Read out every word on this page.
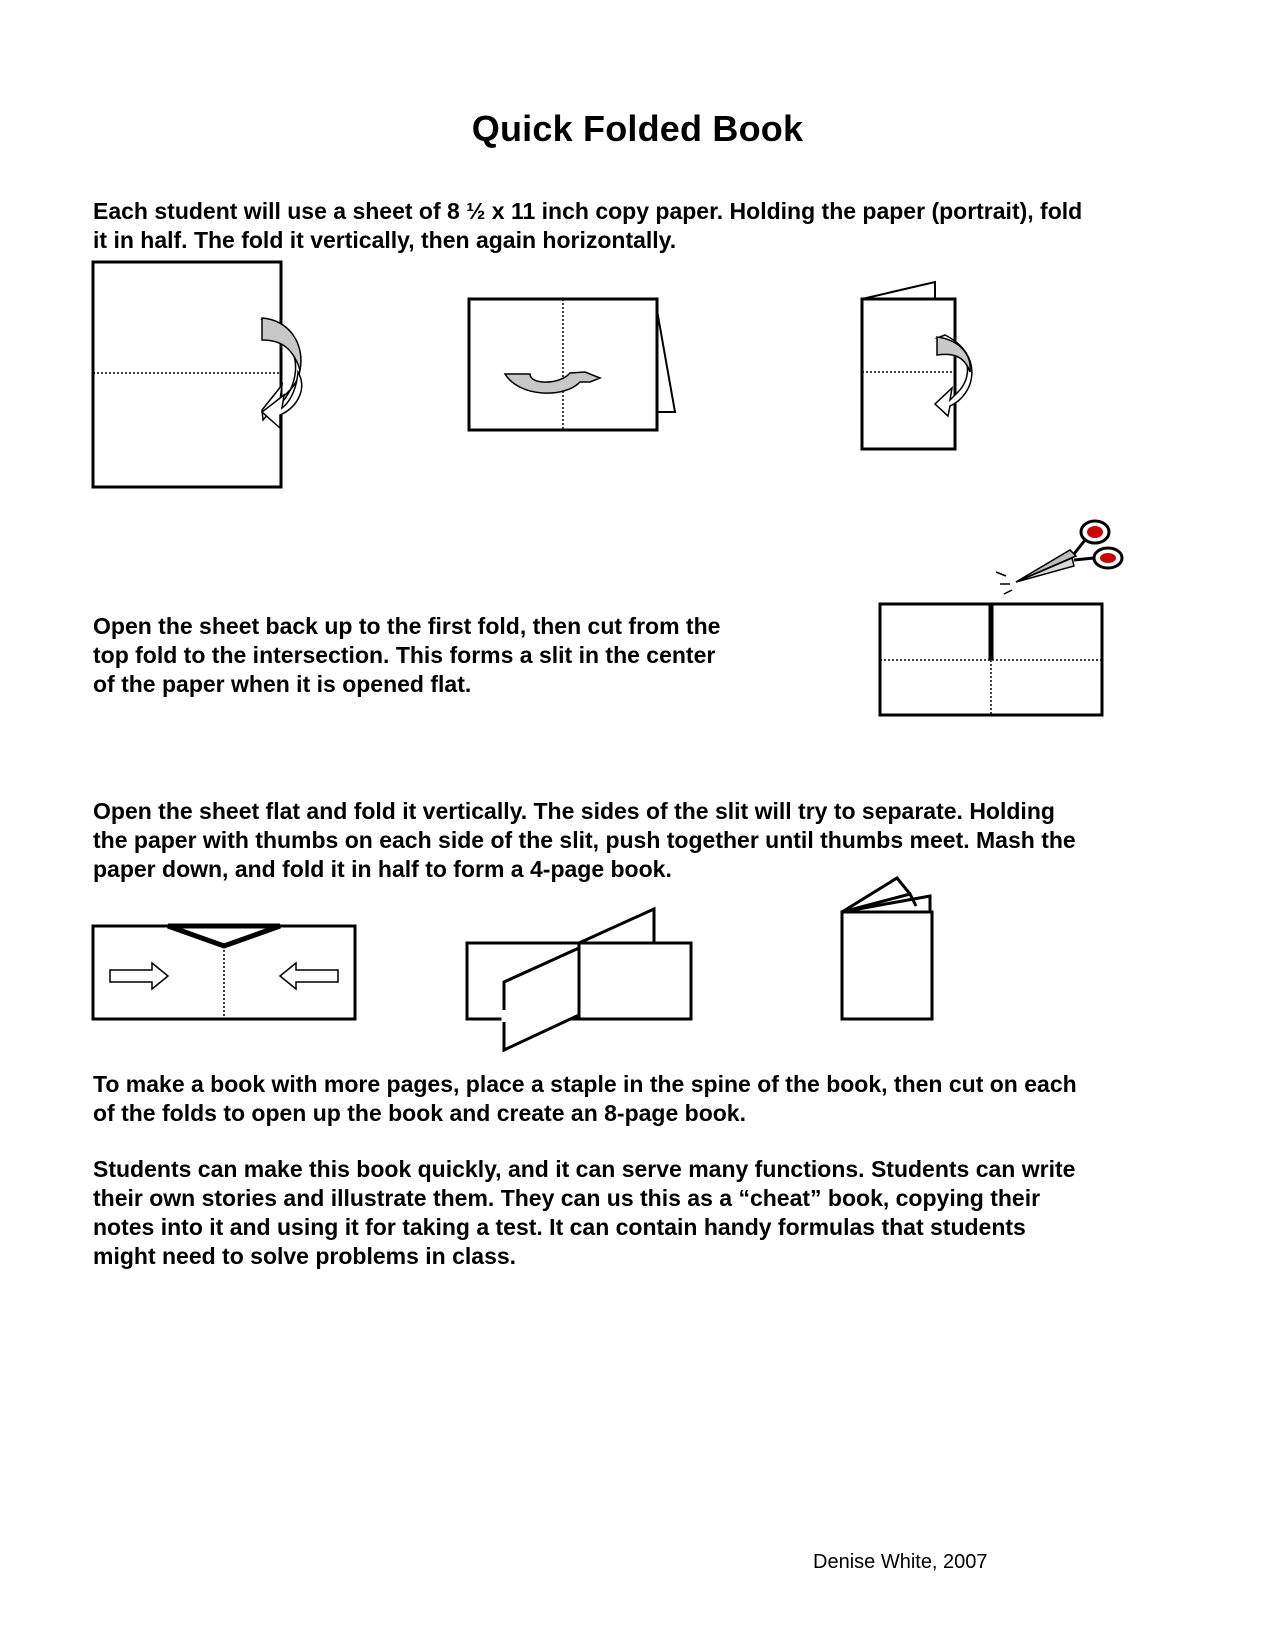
Quick Folded Book
Each student will use a sheet of 8 ½ x 11 inch copy paper. Holding the paper (portrait), fold
it in half. The fold it vertically, then again horizontally.
Open the sheet back up to the first fold, then cut from the
top fold to the intersection. This forms a slit in the center
of the paper when it is opened flat.
Open the sheet flat and fold it vertically. The sides of the slit will try to separate. Holding
the paper with thumbs on each side of the slit, push together until thumbs meet. Mash the
paper down, and fold it in half to form a 4-page book.
To make a book with more pages, place a staple in the spine of the book, then cut on each
of the folds to open up the book and create an 8-page book.
Students can make this book quickly, and it can serve many functions. Students can write
their own stories and illustrate them. They can us this as a “cheat” book, copying their
notes into it and using it for taking a test. It can contain handy formulas that students
might need to solve problems in class.
Denise White, 2007
